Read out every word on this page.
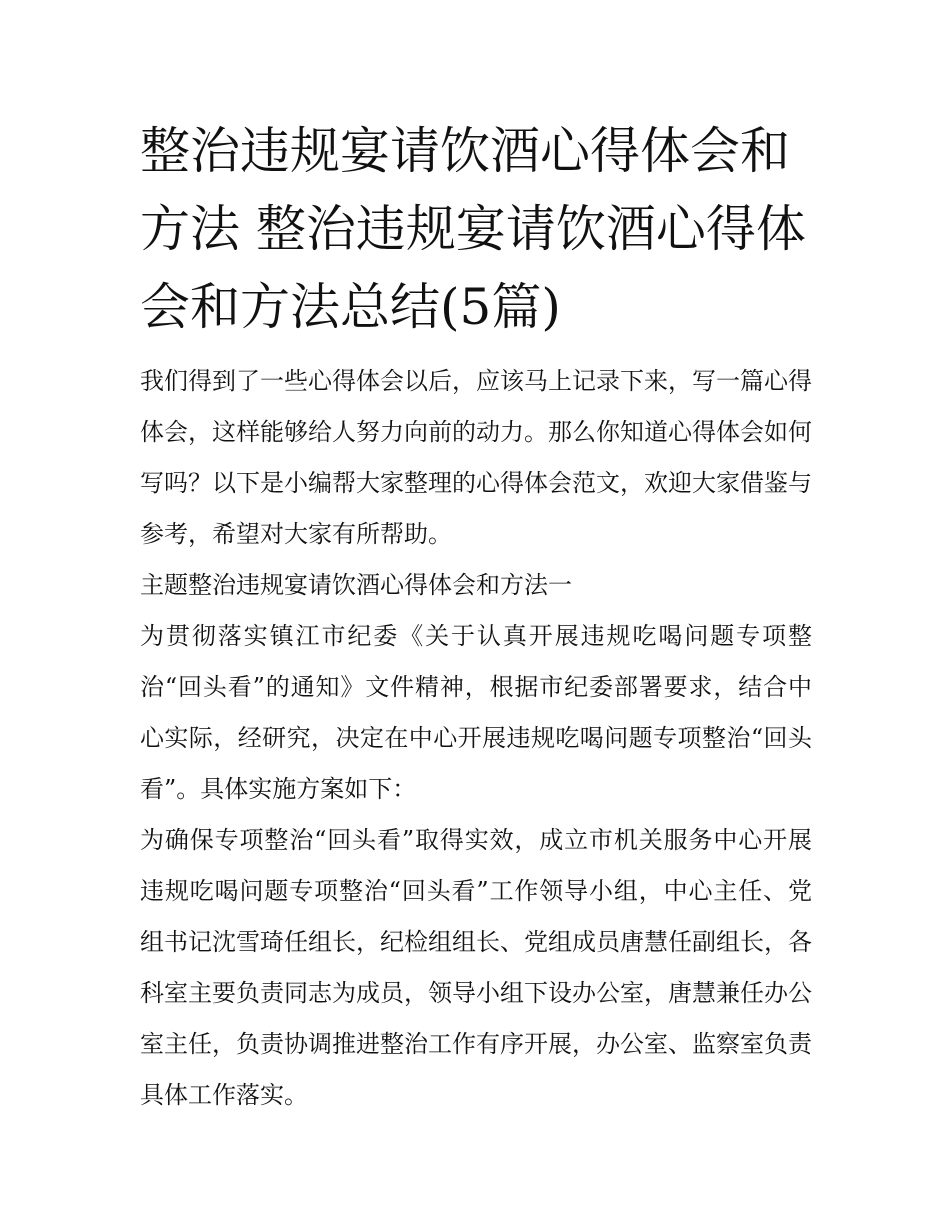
整治违规宴请饮酒心得体会和方法 整治违规宴请饮酒心得体会和方法总结(5篇)

我们得到了一些心得体会以后，应该马上记录下来，写一篇心得体会，这样能够给人努力向前的动力。那么你知道心得体会如何写吗？以下是小编帮大家整理的心得体会范文，欢迎大家借鉴与参考，希望对大家有所帮助。

主题整治违规宴请饮酒心得体会和方法一

为贯彻落实镇江市纪委《关于认真开展违规吃喝问题专项整治“回头看”的通知》文件精神，根据市纪委部署要求，结合中心实际，经研究，决定在中心开展违规吃喝问题专项整治“回头看”。具体实施方案如下：

为确保专项整治“回头看”取得实效，成立市机关服务中心开展违规吃喝问题专项整治“回头看”工作领导小组，中心主任、党组书记沈雪琦任组长，纪检组组长、党组成员唐慧任副组长，各科室主要负责同志为成员，领导小组下设办公室，唐慧兼任办公室主任，负责协调推进整治工作有序开展，办公室、监察室负责具体工作落实。
